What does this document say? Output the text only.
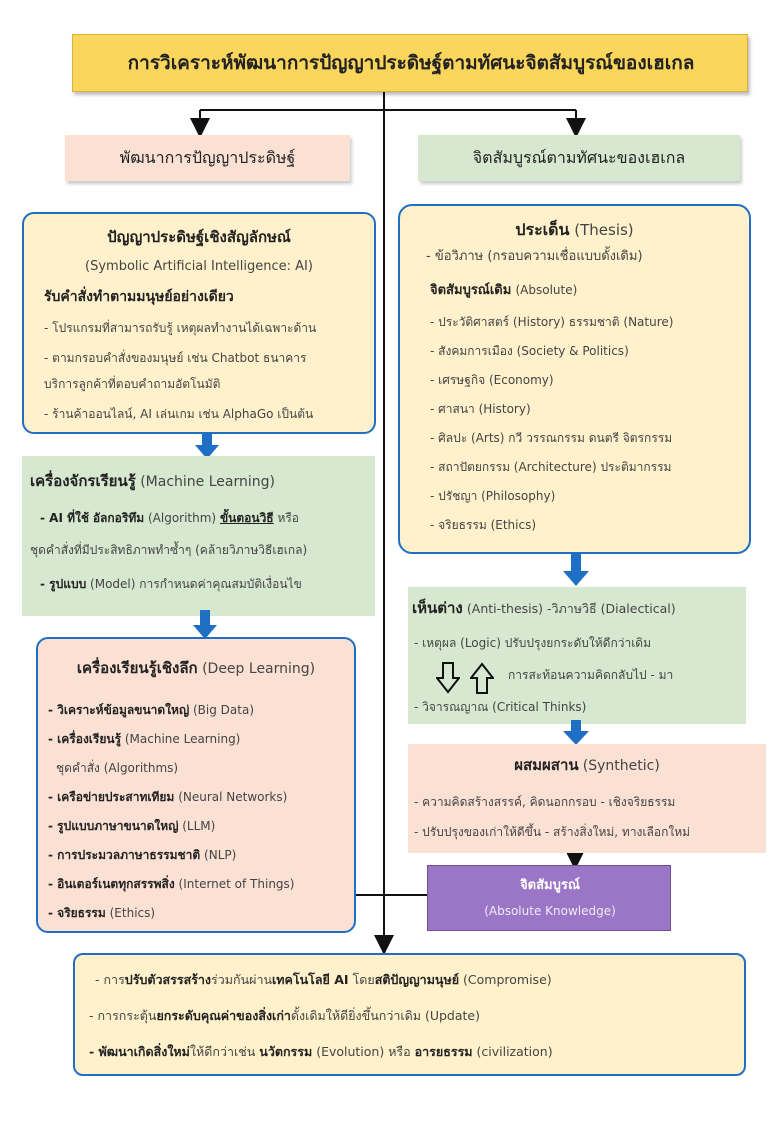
การวิเคราะห์พัฒนาการปัญญาประดิษฐ์ตามทัศนะจิตสัมบูรณ์ของเฮเกล
พัฒนาการปัญญาประดิษฐ์	จิตสัมบูรณ์ตามทัศนะของเฮเกล
ปัญญาประดิษฐ์เชิงสัญลักษณ์
(Symbolic Artificial Intelligence: AI)
รับคำสั่งทำตามมนุษย์อย่างเดียว
- โปรแกรมที่สามารถรับรู้ เหตุผลทำงานได้เฉพาะด้าน
- ตามกรอบคำสั่งของมนุษย์ เช่น Chatbot ธนาคาร
บริการลูกค้าที่ตอบคำถามอัตโนมัติ
- ร้านค้าออนไลน์, AI เล่นเกม เช่น AlphaGo เป็นต้น
เครื่องจักรเรียนรู้ (Machine Learning)
- AI ที่ใช้ อัลกอริทึม (Algorithm) ขั้นตอนวิธี หรือ
ชุดคำสั่งที่มีประสิทธิภาพทำซ้ำๆ (คล้ายวิภาษวิธีเฮเกล)
- รูปแบบ (Model) การกำหนดค่าคุณสมบัติเงื่อนไข
เครื่องเรียนรู้เชิงลึก (Deep Learning)
- วิเคราะห์ข้อมูลขนาดใหญ่ (Big Data)
- เครื่องเรียนรู้ (Machine Learning)
ชุดคำสั่ง (Algorithms)
- เครือข่ายประสาทเทียม (Neural Networks)
- รูปแบบภาษาขนาดใหญ่ (LLM)
- การประมวลภาษาธรรมชาติ (NLP)
- อินเตอร์เนตทุกสรรพสิ่ง (Internet of Things)
- จริยธรรม (Ethics)
ประเด็น (Thesis)
- ข้อวิภาษ (กรอบความเชื่อแบบดั้งเดิม)
จิตสัมบูรณ์เดิม (Absolute)
- ประวัติศาสตร์ (History) ธรรมชาติ (Nature)
- สังคมการเมือง (Society & Politics)
- เศรษฐกิจ (Economy)
- ศาสนา (History)
- ศิลปะ (Arts) กวี วรรณกรรม ดนตรี จิตรกรรม
- สถาปัตยกรรม (Architecture) ประติมากรรม
- ปรัชญา (Philosophy)
- จริยธรรม (Ethics)
เห็นต่าง (Anti-thesis) -วิภาษวิธี (Dialectical)
- เหตุผล (Logic) ปรับปรุงยกระดับให้ดีกว่าเดิม
การสะท้อนความคิดกลับไป - มา
- วิจารณญาณ (Critical Thinks)
ผสมผสาน (Synthetic)
- ความคิดสร้างสรรค์, คิดนอกกรอบ - เชิงจริยธรรม
- ปรับปรุงของเก่าให้ดีขึ้น - สร้างสิ่งใหม่, ทางเลือกใหม่
จิตสัมบูรณ์
(Absolute Knowledge)
- การปรับตัวสรรสร้างร่วมกันผ่านเทคโนโลยี AI โดยสติปัญญามนุษย์ (Compromise)
- การกระตุ้นยกระดับคุณค่าของสิ่งเก่าดั้งเดิมให้ดียิ่งขึ้นกว่าเดิม (Update)
- พัฒนาเกิดสิ่งใหม่ให้ดีกว่าเช่น นวัตกรรม (Evolution) หรือ อารยธรรม (civilization)
